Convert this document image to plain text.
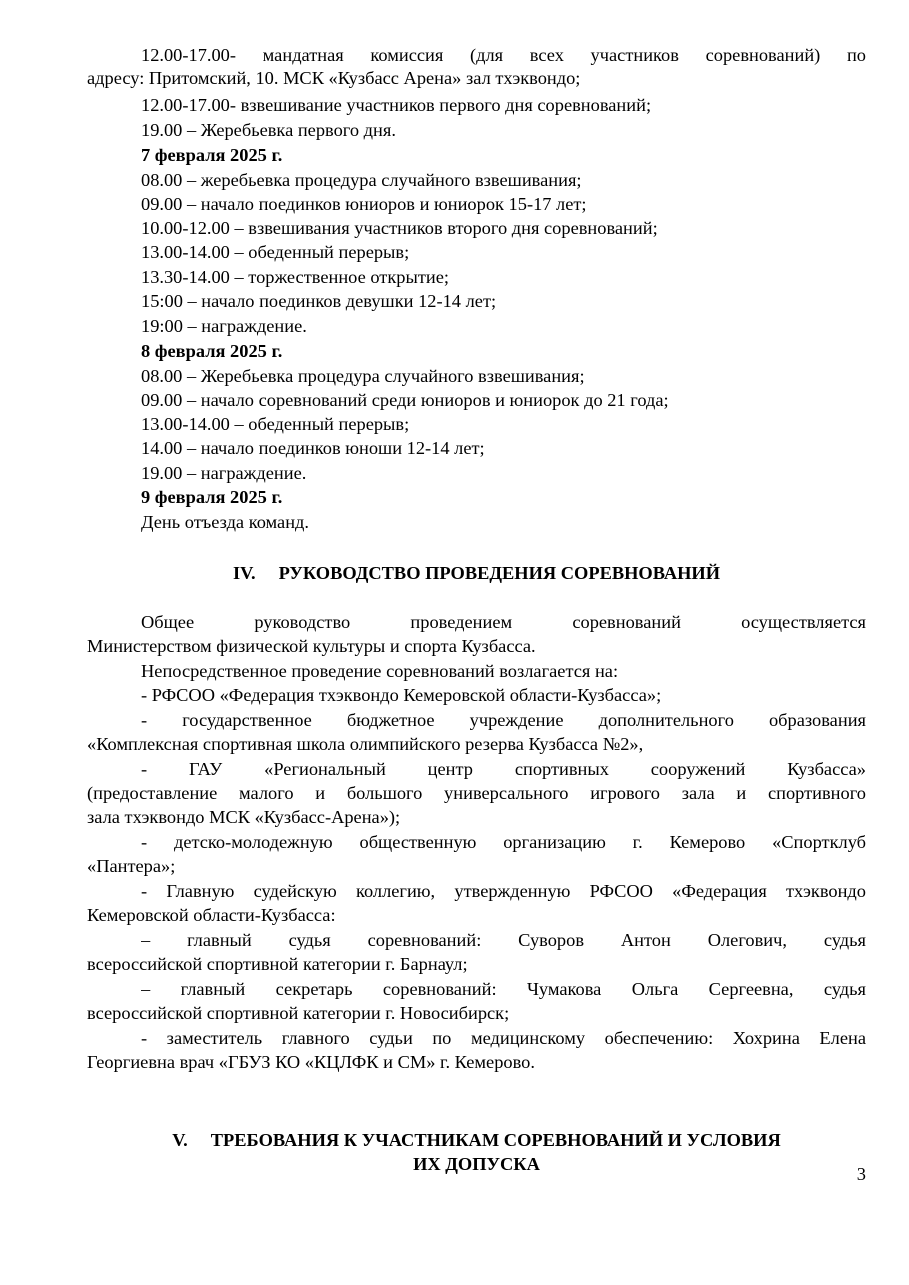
12.00-17.00- мандатная комиссия (для всех участников соревнований) по
адресу: Притомский, 10. МСК «Кузбасс Арена» зал тхэквондо;
12.00-17.00- взвешивание участников первого дня соревнований;
19.00 – Жеребьевка первого дня.
7 февраля 2025 г.
08.00 – жеребьевка процедура случайного взвешивания;
09.00 – начало поединков юниоров и юниорок 15-17 лет;
10.00-12.00 – взвешивания участников второго дня соревнований;
13.00-14.00 – обеденный перерыв;
13.30-14.00 – торжественное открытие;
15:00 – начало поединков девушки 12-14 лет;
19:00 – награждение.
8 февраля 2025 г.
08.00 – Жеребьевка процедура случайного взвешивания;
09.00 – начало соревнований среди юниоров и юниорок до 21 года;
13.00-14.00 – обеденный перерыв;
14.00 – начало поединков юноши 12-14 лет;
19.00 – награждение.
9 февраля 2025 г.
День отъезда команд.
IV. РУКОВОДСТВО ПРОВЕДЕНИЯ СОРЕВНОВАНИЙ
Общее руководство проведением соревнований осуществляется
Министерством физической культуры и спорта Кузбасса.
Непосредственное проведение соревнований возлагается на:
- РФСОО «Федерация тхэквондо Кемеровской области-Кузбасса»;
- государственное бюджетное учреждение дополнительного образования
«Комплексная спортивная школа олимпийского резерва Кузбасса №2»,
- ГАУ «Региональный центр спортивных сооружений Кузбасса»
(предоставление малого и большого универсального игрового зала и спортивного
зала тхэквондо МСК «Кузбасс-Арена»);
- детско-молодежную общественную организацию г. Кемерово «Спортклуб
«Пантера»;
- Главную судейскую коллегию, утвержденную РФСОО «Федерация тхэквондо
Кемеровской области-Кузбасса:
– главный судья соревнований: Суворов Антон Олегович, судья
всероссийской спортивной категории г. Барнаул;
– главный секретарь соревнований: Чумакова Ольга Сергеевна, судья
всероссийской спортивной категории г. Новосибирск;
- заместитель главного судьи по медицинскому обеспечению: Хохрина Елена
Георгиевна врач «ГБУЗ КО «КЦЛФК и СМ» г. Кемерово.
V. ТРЕБОВАНИЯ К УЧАСТНИКАМ СОРЕВНОВАНИЙ И УСЛОВИЯ
ИХ ДОПУСКА	3
